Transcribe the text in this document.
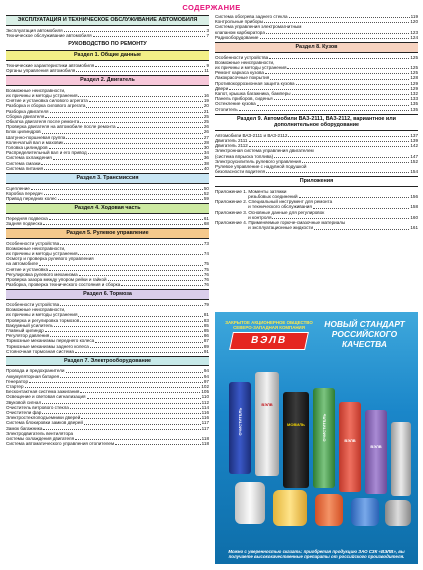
СОДЕРЖАНИЕ
ЭКСПЛУАТАЦИЯ И ТЕХНИЧЕСКОЕ ОБСЛУЖИВАНИЕ АВТОМОБИЛЯ
Эксплуатация автомобиля	3
Техническое обслуживание автомобиля	7
РУКОВОДСТВО ПО РЕМОНТУ
Раздел 1. Общие данные
Технические характеристики автомобиля	9
Органы управления автомобиля	11
Раздел 2. Двигатель
Возможные неисправности,
их причины и методы устранения	16
Снятие и установка силового агрегата	19
Разборка и сборка силового агрегата	20
Разборка двигателя	21
Сборка двигателя	25
Обкатка двигателя после ремонта	25
Проверка двигателя на автомобиле после ремонта	26
Блок цилиндров	26
Шатунно-поршневая группа	27
Коленчатый вал и маховик	28
Головка цилиндров	30
Распределительный вал и его привод	34
Система охлаждения	36
Система смазки	38
Система питания	40
Раздел 3. Трансмиссия
Сцепление	50
Коробка передач	52
Привод передних колес	59
Раздел 4. Ходовая часть
Передняя подвеска	61
Задняя подвеска	68
Раздел 5. Рулевое управление
Особенности устройства	73
Возможные неисправности,
их причины и методы устранения	74
Осмотр и проверка рулевого управления
на автомобиле	75
Снятие и установка	75
Регулировка рулевого механизма	76
Проверка зазора между упором рейки и гайкой	76
Разборка, проверка технического состояния и сборка	76
Раздел 6. Тормоза
Особенности устройства	79
Возможные неисправности,
их причины и методы устранения	81
Проверка и регулировка тормозов	83
Вакуумный усилитель	85
Главный цилиндр	85
Регулятор давления	86
Тормозные механизмы переднего колеса	87
Тормозные механизмы заднего колеса	89
Стояночная тормозная система	91
Раздел 7. Электрооборудование
Провода и предохранители	94
Аккумуляторная батарея	94
Генератор	97
Стартер	102
Бесконтактная система зажигания	105
Освещение и световая сигнализация	110
Звуковой сигнал	112
Очиститель ветрового стекла	114
Очистители фар	116
Электростеклоподъемники дверей	116
Система блокировки замков дверей	117
Замок багажника	117
Электродвигатель вентилятора
системы охлаждения двигателя	118
Система автоматического управления отопителем	118
Система обогрева заднего стекла	119
Контрольные приборы	120
Система управления электромагнитным
клапаном карбюратора	123
Радиооборудование	124
Раздел 8. Кузов
Особенности устройства	125
Возможные неисправности,
их причины и методы устранения	125
Ремонт каркаса кузова	125
Лакокрасочные покрытия	128
Противокоррозионная защита кузова	129
Двери	129
Капот, крышка багажника, бамперы	132
Панель приборов, сиденья	133
Остекление кузова	135
Отопитель	135
Раздел 9. Автомобили ВАЗ-2111, ВАЗ-2112, вариантное или дополнительное оборудование
Автомобили ВАЗ-2111 и ВАЗ-2112	137
Двигатель 2111	139
Двигатель 2112	142
Электронная система управления двигателем
(система впрыска топлива)	147
Электроусилитель рулевого управления	152
Рулевое управление с надувной подушкой
безопасности водителя	154
Приложения
Приложение 1. Моменты затяжки
резьбовых соединений	156
Приложение 2. Специальный инструмент для ремонта
и технического обслуживания	158
Приложение 3. Основные данные для регулировок
и контроля	160
Приложение 4. Применяемые горюче-смазочные материалы
и эксплуатационные жидкости	161
ЗАКРЫТОЕ АКЦИОНЕРНОЕ ОБЩЕСТВО
СЕВЕРО-ЗАПАДНАЯ КОМПАНИЯ
ВЭЛВ
НОВЫЙ СТАНДАРТ РОССИЙСКОГО КАЧЕСТВА
ОЧИСТИТЕЛЬ
ВЭЛВ
МОВИЛЬ	ОЧИСТИТЕЛЬ	ВЭЛВ
ВЭЛВ
Можно с уверенностью сказать: приобретая продукцию ЗАО СЗК «ВЭЛВ», вы получаете высококачественные препараты от российского производителя.
